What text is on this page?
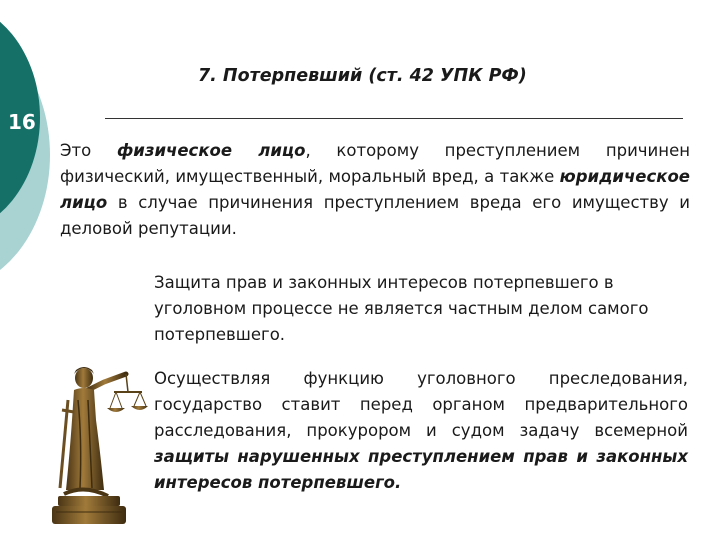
16
7. Потерпевший (ст. 42 УПК РФ)
Это физическое лицо, которому преступлением причинен физический, имущественный, моральный вред, а также юридическое лицо в случае причинения преступлением вреда его имуществу и деловой репутации.
Защита прав и законных интересов потерпевшего в уголовном процессе не является частным делом самого потерпевшего.
Осуществляя функцию уголовного преследования, государство ставит перед органом предварительного расследования, прокурором и судом задачу всемерной защиты нарушенных преступлением прав и законных интересов потерпевшего.
